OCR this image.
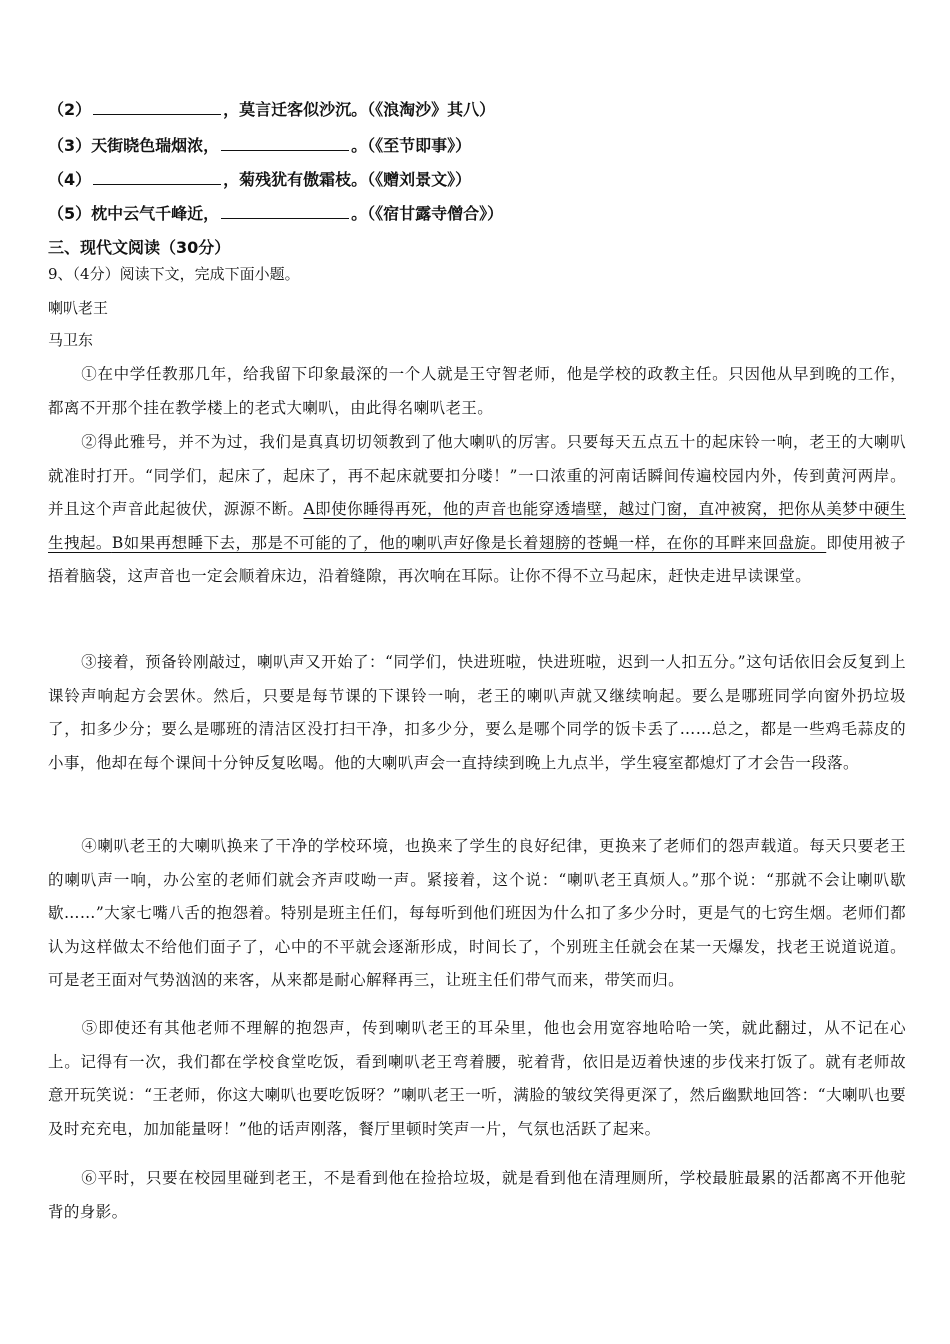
（2）	，莫言迁客似沙沉。（《浪淘沙》其八）
（3）天街晓色瑞烟浓，	。（《至节即事》）
（4）	，菊残犹有傲霜枝。（《赠刘景文》）
（5）枕中云气千峰近，	。（《宿甘露寺僧合》）
三、现代文阅读（30分）
9、（4分）阅读下文，完成下面小题。
喇叭老王
马卫东
①在中学任教那几年，给我留下印象最深的一个人就是王守智老师，他是学校的政教主任。只因他从早到晚的工作，都离不开那个挂在教学楼上的老式大喇叭，由此得名喇叭老王。
②得此雅号，并不为过，我们是真真切切领教到了他大喇叭的厉害。只要每天五点五十的起床铃一响，老王的大喇叭就准时打开。“同学们，起床了，起床了，再不起床就要扣分喽！”一口浓重的河南话瞬间传遍校园内外，传到黄河两岸。并且这个声音此起彼伏，源源不断。A即使你睡得再死，他的声音也能穿透墙壁，越过门窗，直冲被窝，把你从美梦中硬生生拽起。B如果再想睡下去，那是不可能的了，他的喇叭声好像是长着翅膀的苍蝇一样，在你的耳畔来回盘旋。即使用被子捂着脑袋，这声音也一定会顺着床边，沿着缝隙，再次响在耳际。让你不得不立马起床，赶快走进早读课堂。
③接着，预备铃刚敲过，喇叭声又开始了：“同学们，快进班啦，快进班啦，迟到一人扣五分。”这句话依旧会反复到上课铃声响起方会罢休。然后，只要是每节课的下课铃一响，老王的喇叭声就又继续响起。要么是哪班同学向窗外扔垃圾了，扣多少分；要么是哪班的清洁区没打扫干净，扣多少分，要么是哪个同学的饭卡丢了……总之，都是一些鸡毛蒜皮的小事，他却在每个课间十分钟反复吆喝。他的大喇叭声会一直持续到晚上九点半，学生寝室都熄灯了才会告一段落。
④喇叭老王的大喇叭换来了干净的学校环境，也换来了学生的良好纪律，更换来了老师们的怨声载道。每天只要老王的喇叭声一响，办公室的老师们就会齐声哎呦一声。紧接着，这个说：“喇叭老王真烦人。”那个说：“那就不会让喇叭歇歇……”大家七嘴八舌的抱怨着。特别是班主任们，每每听到他们班因为什么扣了多少分时，更是气的七窍生烟。老师们都认为这样做太不给他们面子了，心中的不平就会逐渐形成，时间长了，个别班主任就会在某一天爆发，找老王说道说道。可是老王面对气势汹汹的来客，从来都是耐心解释再三，让班主任们带气而来，带笑而归。
⑤即使还有其他老师不理解的抱怨声，传到喇叭老王的耳朵里，他也会用宽容地哈哈一笑，就此翻过，从不记在心上。记得有一次，我们都在学校食堂吃饭，看到喇叭老王弯着腰，驼着背，依旧是迈着快速的步伐来打饭了。就有老师故意开玩笑说：“王老师，你这大喇叭也要吃饭呀？”喇叭老王一听，满脸的皱纹笑得更深了，然后幽默地回答：“大喇叭也要及时充充电，加加能量呀！”他的话声刚落，餐厅里顿时笑声一片，气氛也活跃了起来。
⑥平时，只要在校园里碰到老王，不是看到他在捡拾垃圾，就是看到他在清理厕所，学校最脏最累的活都离不开他驼背的身影。
